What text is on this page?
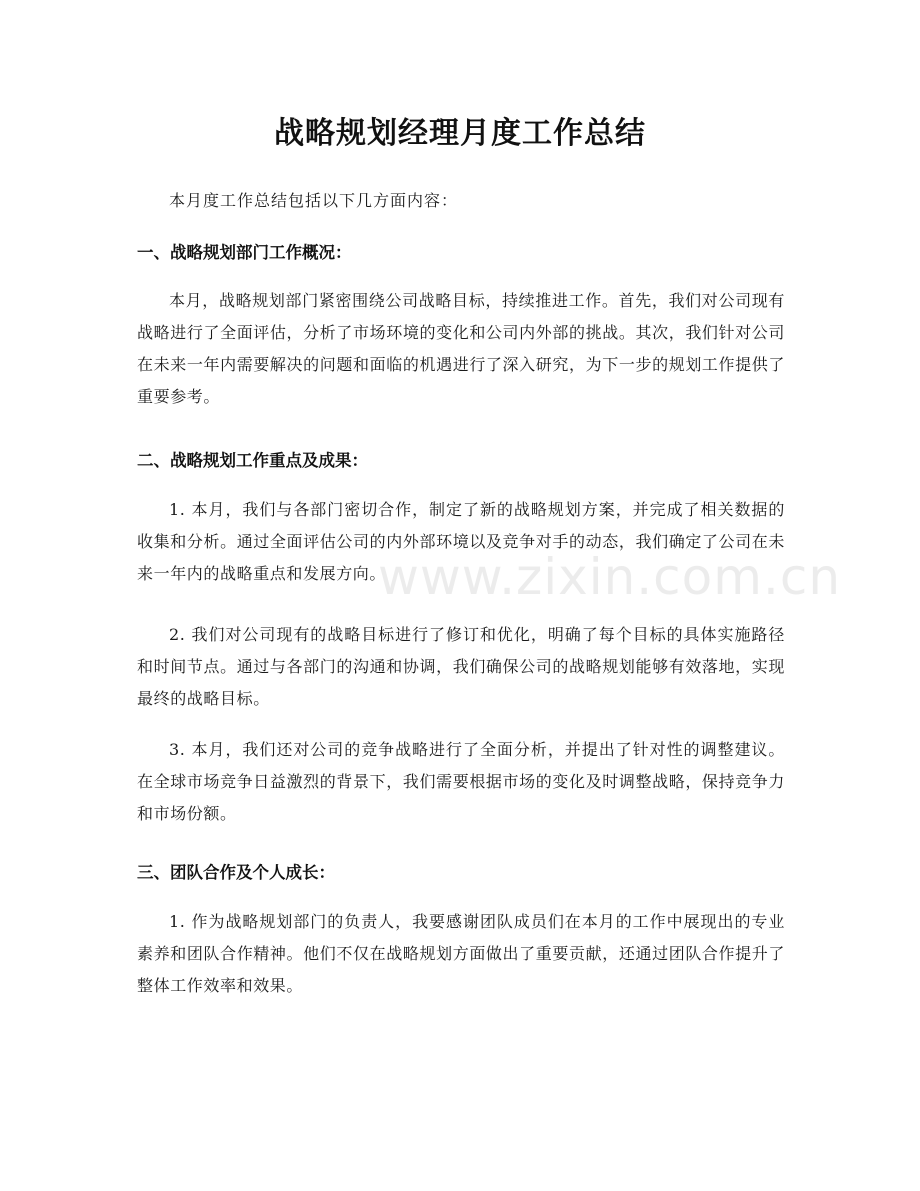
www.zixin.com.cn
战略规划经理月度工作总结

本月度工作总结包括以下几方面内容：

一、战略规划部门工作概况：

本月，战略规划部门紧密围绕公司战略目标，持续推进工作。首先，我们对公司现有战略进行了全面评估，分析了市场环境的变化和公司内外部的挑战。其次，我们针对公司在未来一年内需要解决的问题和面临的机遇进行了深入研究，为下一步的规划工作提供了重要参考。

二、战略规划工作重点及成果：

1. 本月，我们与各部门密切合作，制定了新的战略规划方案，并完成了相关数据的收集和分析。通过全面评估公司的内外部环境以及竞争对手的动态，我们确定了公司在未来一年内的战略重点和发展方向。

2. 我们对公司现有的战略目标进行了修订和优化，明确了每个目标的具体实施路径和时间节点。通过与各部门的沟通和协调，我们确保公司的战略规划能够有效落地，实现最终的战略目标。

3. 本月，我们还对公司的竞争战略进行了全面分析，并提出了针对性的调整建议。在全球市场竞争日益激烈的背景下，我们需要根据市场的变化及时调整战略，保持竞争力和市场份额。

三、团队合作及个人成长：

1. 作为战略规划部门的负责人，我要感谢团队成员们在本月的工作中展现出的专业素养和团队合作精神。他们不仅在战略规划方面做出了重要贡献，还通过团队合作提升了整体工作效率和效果。
